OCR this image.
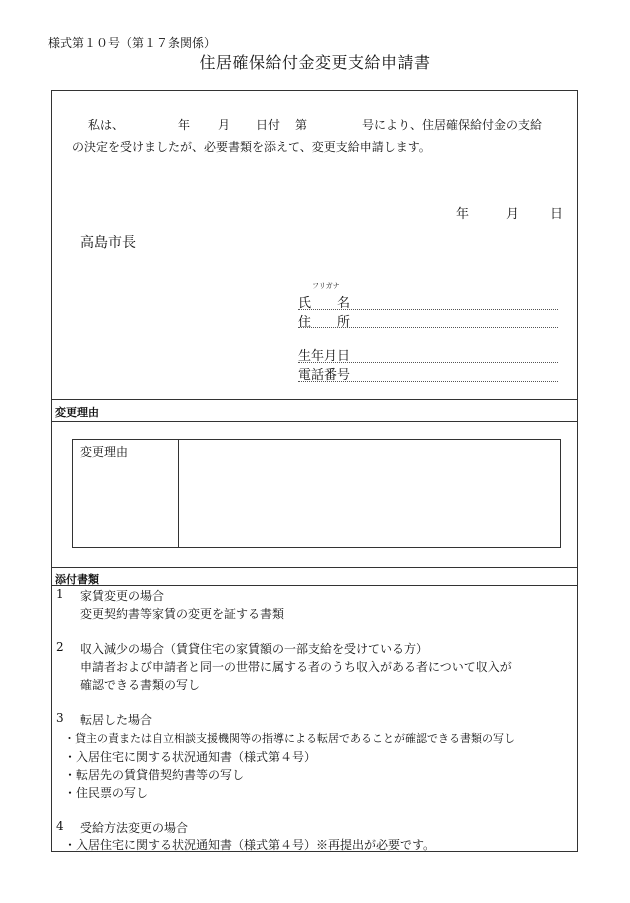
様式第１０号（第１７条関係）
住居確保給付金変更支給申請書
私は、	年 月 日付 第	号により、住居確保給付金の支給
の決定を受けましたが、必要書類を添えて、変更支給申請します。
年	月 日
高島市長
フリガナ
氏　　名
住　　所
生年月日
電話番号
変更理由
変更理由
添付書類
1 家賃変更の場合
変更契約書等家賃の変更を証する書類
2 収入減少の場合（賃貸住宅の家賃額の一部支給を受けている方）
申請者および申請者と同一の世帯に属する者のうち収入がある者について収入が
確認できる書類の写し
3 転居した場合
・貸主の責または自立相談支援機関等の指導による転居であることが確認できる書類の写し
・入居住宅に関する状況通知書（様式第４号）
・転居先の賃貸借契約書等の写し
・住民票の写し
4 受給方法変更の場合
・入居住宅に関する状況通知書（様式第４号）※再提出が必要です。
